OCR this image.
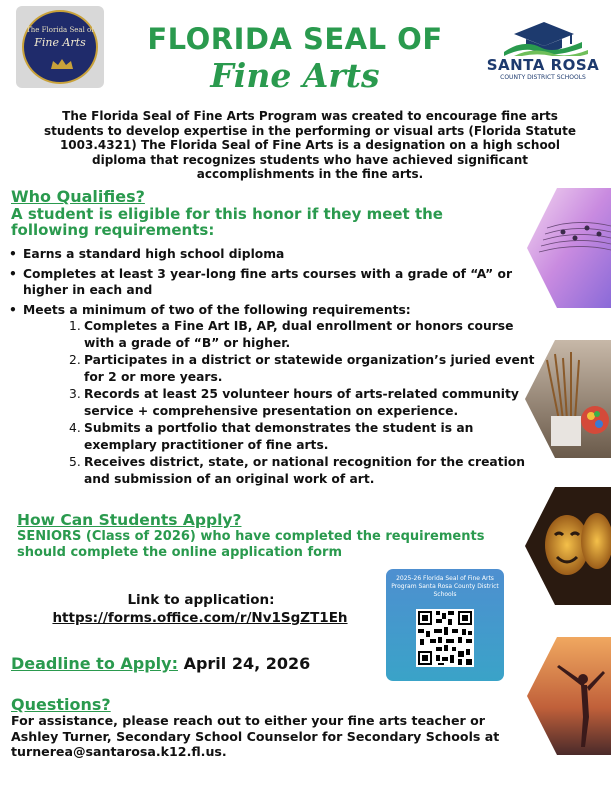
The Florida Seal of
Fine Arts	FLORIDA SEAL OF
Fine Arts	SANTA ROSA
COUNTY DISTRICT SCHOOLS
The Florida Seal of Fine Arts Program was created to encourage fine arts students to develop expertise in the performing or visual arts (Florida Statute 1003.4321) The Florida Seal of Fine Arts is a designation on a high school diploma that recognizes students who have achieved significant accomplishments in the fine arts.
Who Qualifies?
A student is eligible for this honor if they meet the following requirements:
• Earns a standard high school diploma
• Completes at least 3 year-long fine arts courses with a grade of “A” or higher in each and
• Meets a minimum of two of the following requirements:
1. Completes a Fine Art IB, AP, dual enrollment or honors course with a grade of “B” or higher.
2. Participates in a district or statewide organization’s juried event for 2 or more years.
3. Records at least 25 volunteer hours of arts-related community service + comprehensive presentation on experience.
4. Submits a portfolio that demonstrates the student is an exemplary practitioner of fine arts.
5. Receives district, state, or national recognition for the creation and submission of an original work of art.
How Can Students Apply?
SENIORS (Class of 2026) who have completed the requirements should complete the online application form
Link to application:
https://forms.office.com/r/Nv1SgZT1Eh
2025-26 Florida Seal of Fine Arts Program Santa Rosa County District Schools
Deadline to Apply: April 24, 2026
Questions?
For assistance, please reach out to either your fine arts teacher or Ashley Turner, Secondary School Counselor for Secondary Schools at turnerea@santarosa.k12.fl.us.
